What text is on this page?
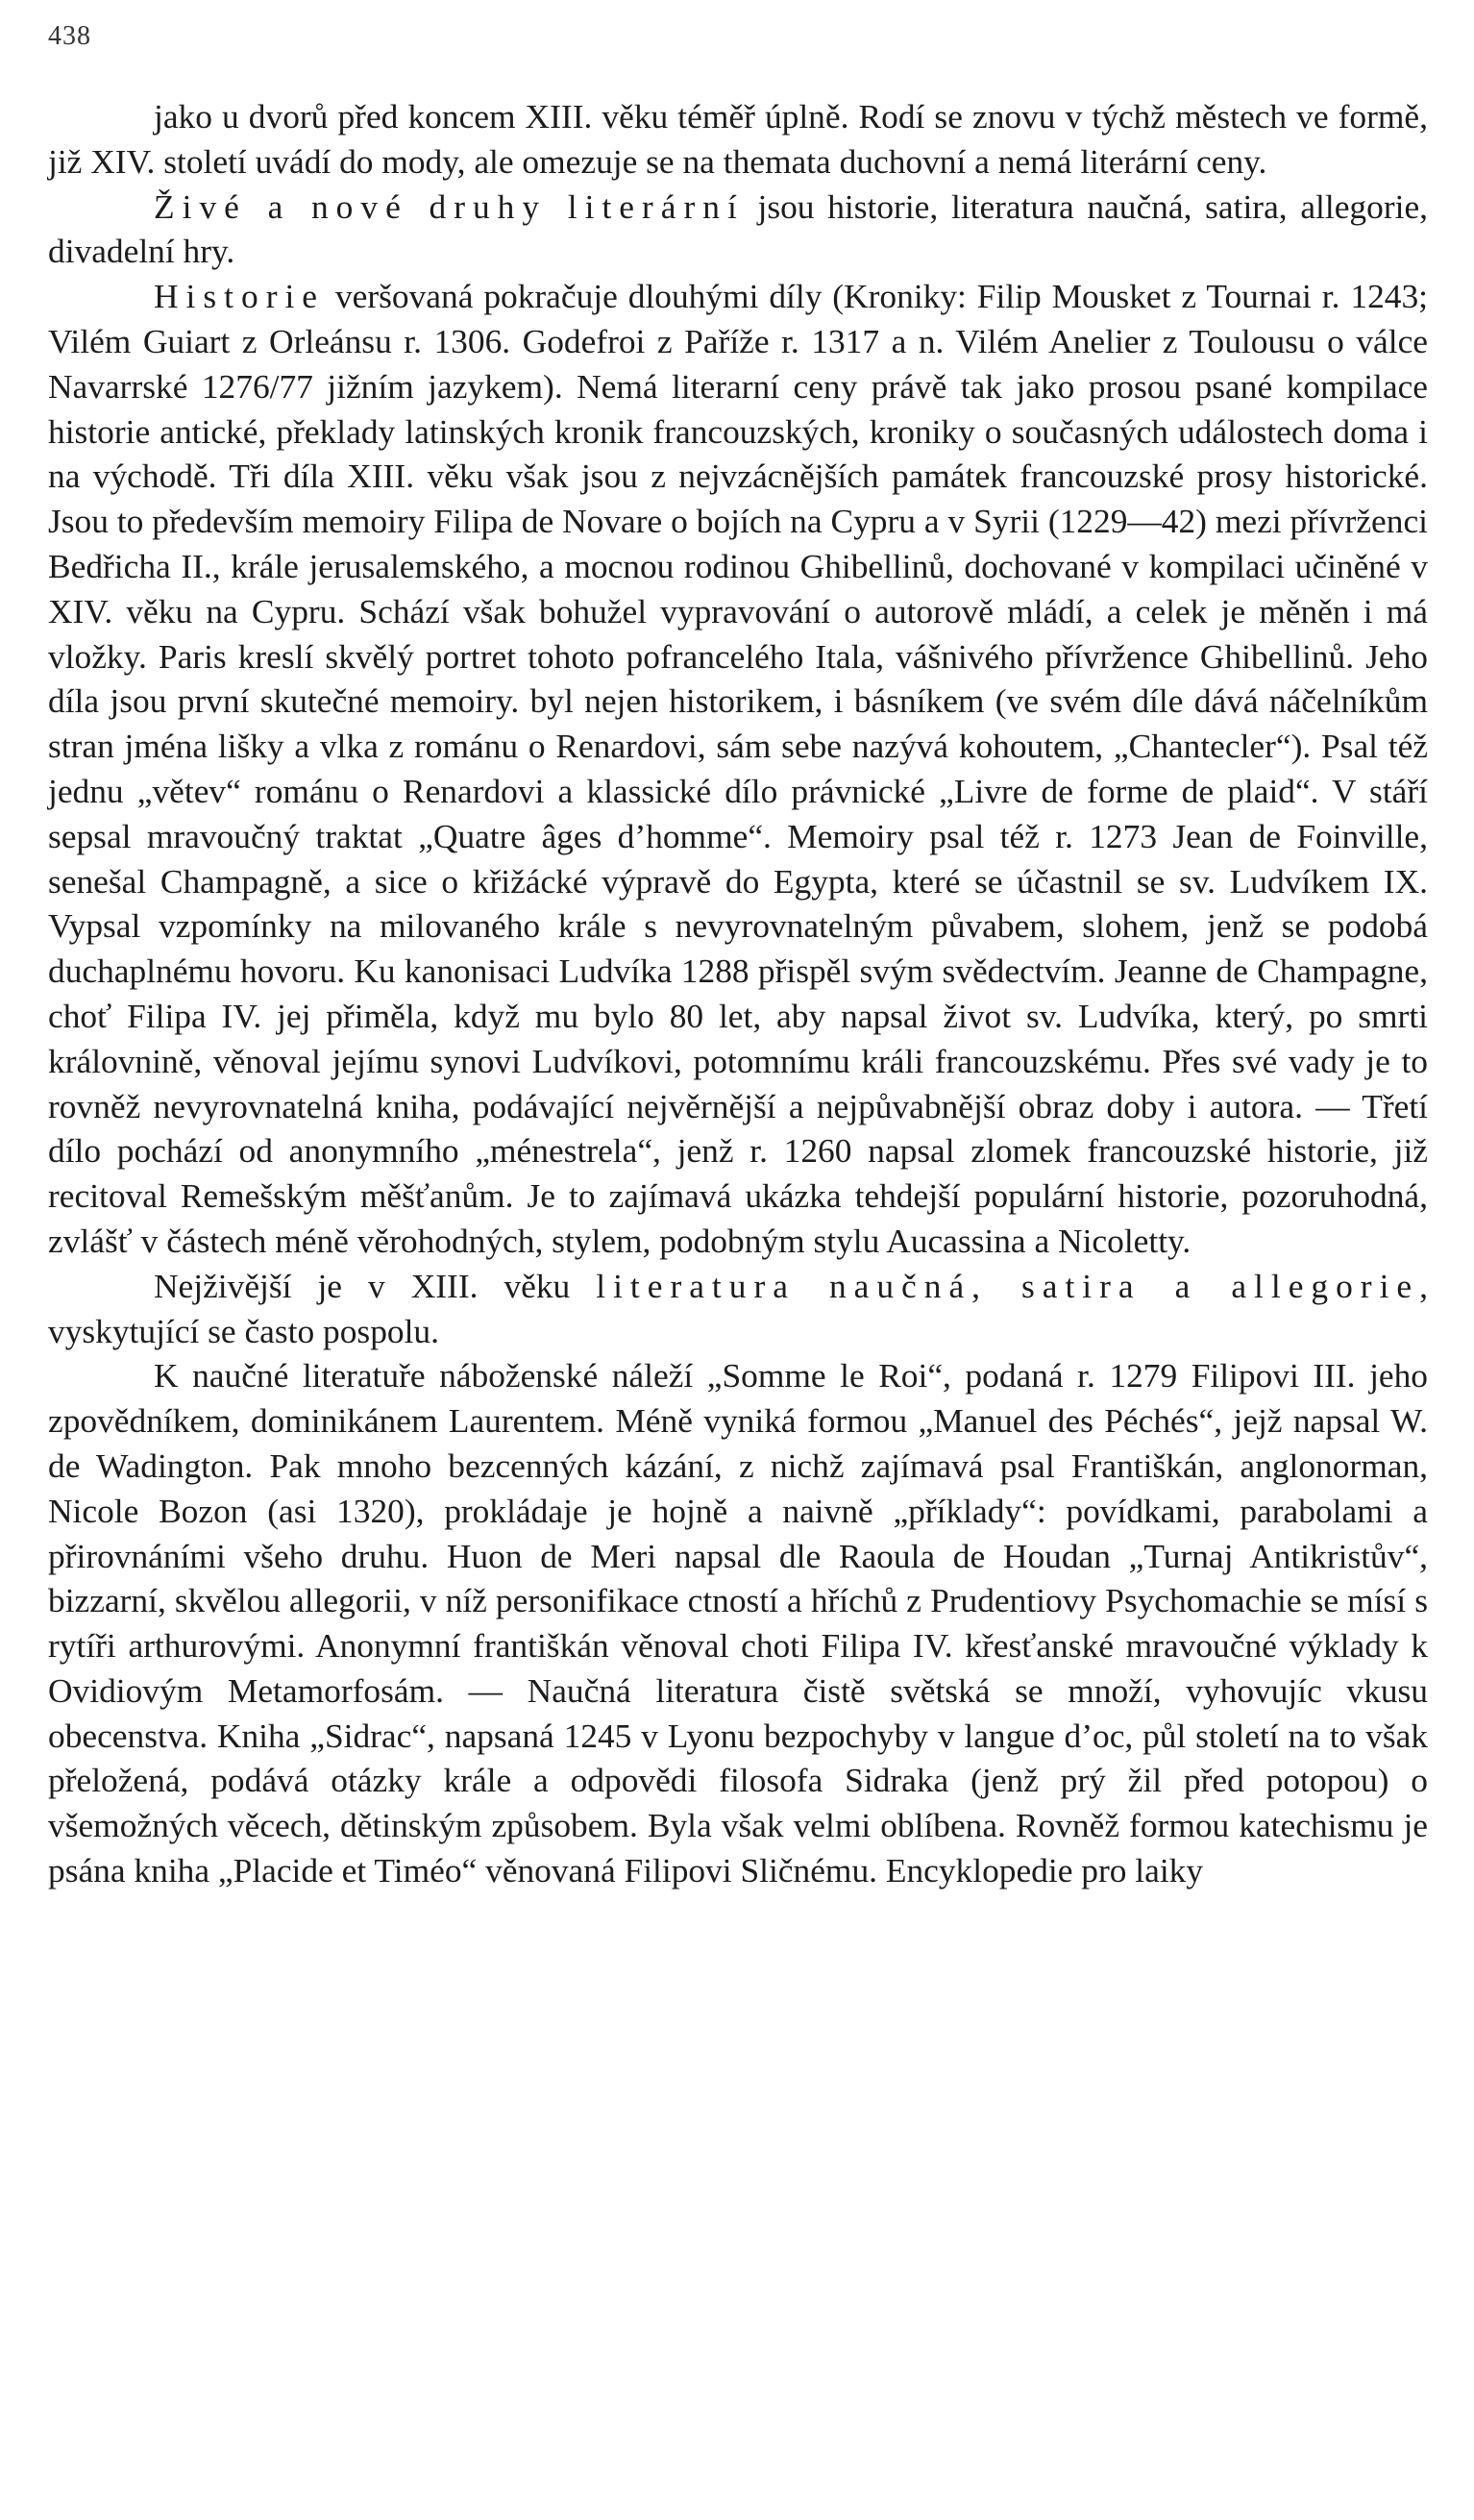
438

jako u dvorů před koncem XIII. věku téměř úplně. Rodí se znovu v týchž městech ve formě, již XIV. století uvádí do mody, ale omezuje se na themata duchovní a nemá literární ceny.

Živé a nové druhy literární jsou historie, literatura naučná, satira, allegorie, divadelní hry.

Historie veršovaná pokračuje dlouhými díly (Kroniky: Filip Mousket z Tournai r. 1243; Vilém Guiart z Orleánsu r. 1306. Godefroi z Paříže r. 1317 a n. Vilém Anelier z Toulousu o válce Navarrské 1276/77 jižním jazykem). Nemá literarní ceny právě tak jako prosou psané kompilace historie antické, překlady latinských kronik francouzských, kroniky o současných událostech doma i na východě. Tři díla XIII. věku však jsou z nejvzácnějších památek francouzské prosy historické. Jsou to především memoiry Filipa de Novare o bojích na Cypru a v Syrii (1229—42) mezi přívrženci Bedřicha II., krále jerusalemského, a mocnou rodinou Ghibellinů, dochované v kompilaci učiněné v XIV. věku na Cypru. Schází však bohužel vypravování o autorově mládí, a celek je měněn i má vložky. Paris kreslí skvělý portret tohoto pofrancelého Itala, vášnivého přívržence Ghibellinů. Jeho díla jsou první skutečné memoiry. byl nejen historikem, i básníkem (ve svém díle dává náčelníkům stran jména lišky a vlka z románu o Renardovi, sám sebe nazývá kohoutem, „Chantecler“). Psal též jednu „větev“ románu o Renardovi a klassické dílo právnické „Livre de forme de plaid“. V stáří sepsal mravoučný traktat „Quatre âges d’homme“. Memoiry psal též r. 1273 Jean de Foinville, senešal Champagně, a sice o křižácké výpravě do Egypta, které se účastnil se sv. Ludvíkem IX. Vypsal vzpomínky na milovaného krále s nevyrovnatelným půvabem, slohem, jenž se podobá duchaplnému hovoru. Ku kanonisaci Ludvíka 1288 přispěl svým svědectvím. Jeanne de Champagne, choť Filipa IV. jej přiměla, když mu bylo 80 let, aby napsal život sv. Ludvíka, který, po smrti královnině, věnoval jejímu synovi Ludvíkovi, potomnímu králi francouzskému. Přes své vady je to rovněž nevyrovnatelná kniha, podávající nejvěrnější a nejpůvabnější obraz doby i autora. — Třetí dílo pochází od anonymního „ménestrela“, jenž r. 1260 napsal zlomek francouzské historie, již recitoval Remešským měšťanům. Je to zajímavá ukázka tehdejší populární historie, pozoruhodná, zvlášť v částech méně věrohodných, stylem, podobným stylu Aucassina a Nicoletty.

Nejživější je v XIII. věku literatura naučná, satira a allegorie, vyskytující se často pospolu.

K naučné literatuře náboženské náleží „Somme le Roi“, podaná r. 1279 Filipovi III. jeho zpovědníkem, dominikánem Laurentem. Méně vyniká formou „Manuel des Péchés“, jejž napsal W. de Wadington. Pak mnoho bezcenných kázání, z nichž zajímavá psal Františkán, anglonorman, Nicole Bozon (asi 1320), prokládaje je hojně a naivně „příklady“: povídkami, parabolami a přirovnáními všeho druhu. Huon de Meri napsal dle Raoula de Houdan „Turnaj Antikristův“, bizzarní, skvělou allegorii, v níž personifikace ctností a hříchů z Prudentiovy Psychomachie se mísí s rytíři arthurovými. Anonymní františkán věnoval choti Filipa IV. křesťanské mravoučné výklady k Ovidiovým Metamorfosám. — Naučná literatura čistě světská se množí, vyhovujíc vkusu obecenstva. Kniha „Sidrac“, napsaná 1245 v Lyonu bezpochyby v langue d’oc, půl století na to však přeložená, podává otázky krále a odpovědi filosofa Sidraka (jenž prý žil před potopou) o všemožných věcech, dětinským způsobem. Byla však velmi oblíbena. Rovněž formou katechismu je psána kniha „Placide et Timéo“ věnovaná Filipovi Sličnému. Encyklopedie pro laiky
